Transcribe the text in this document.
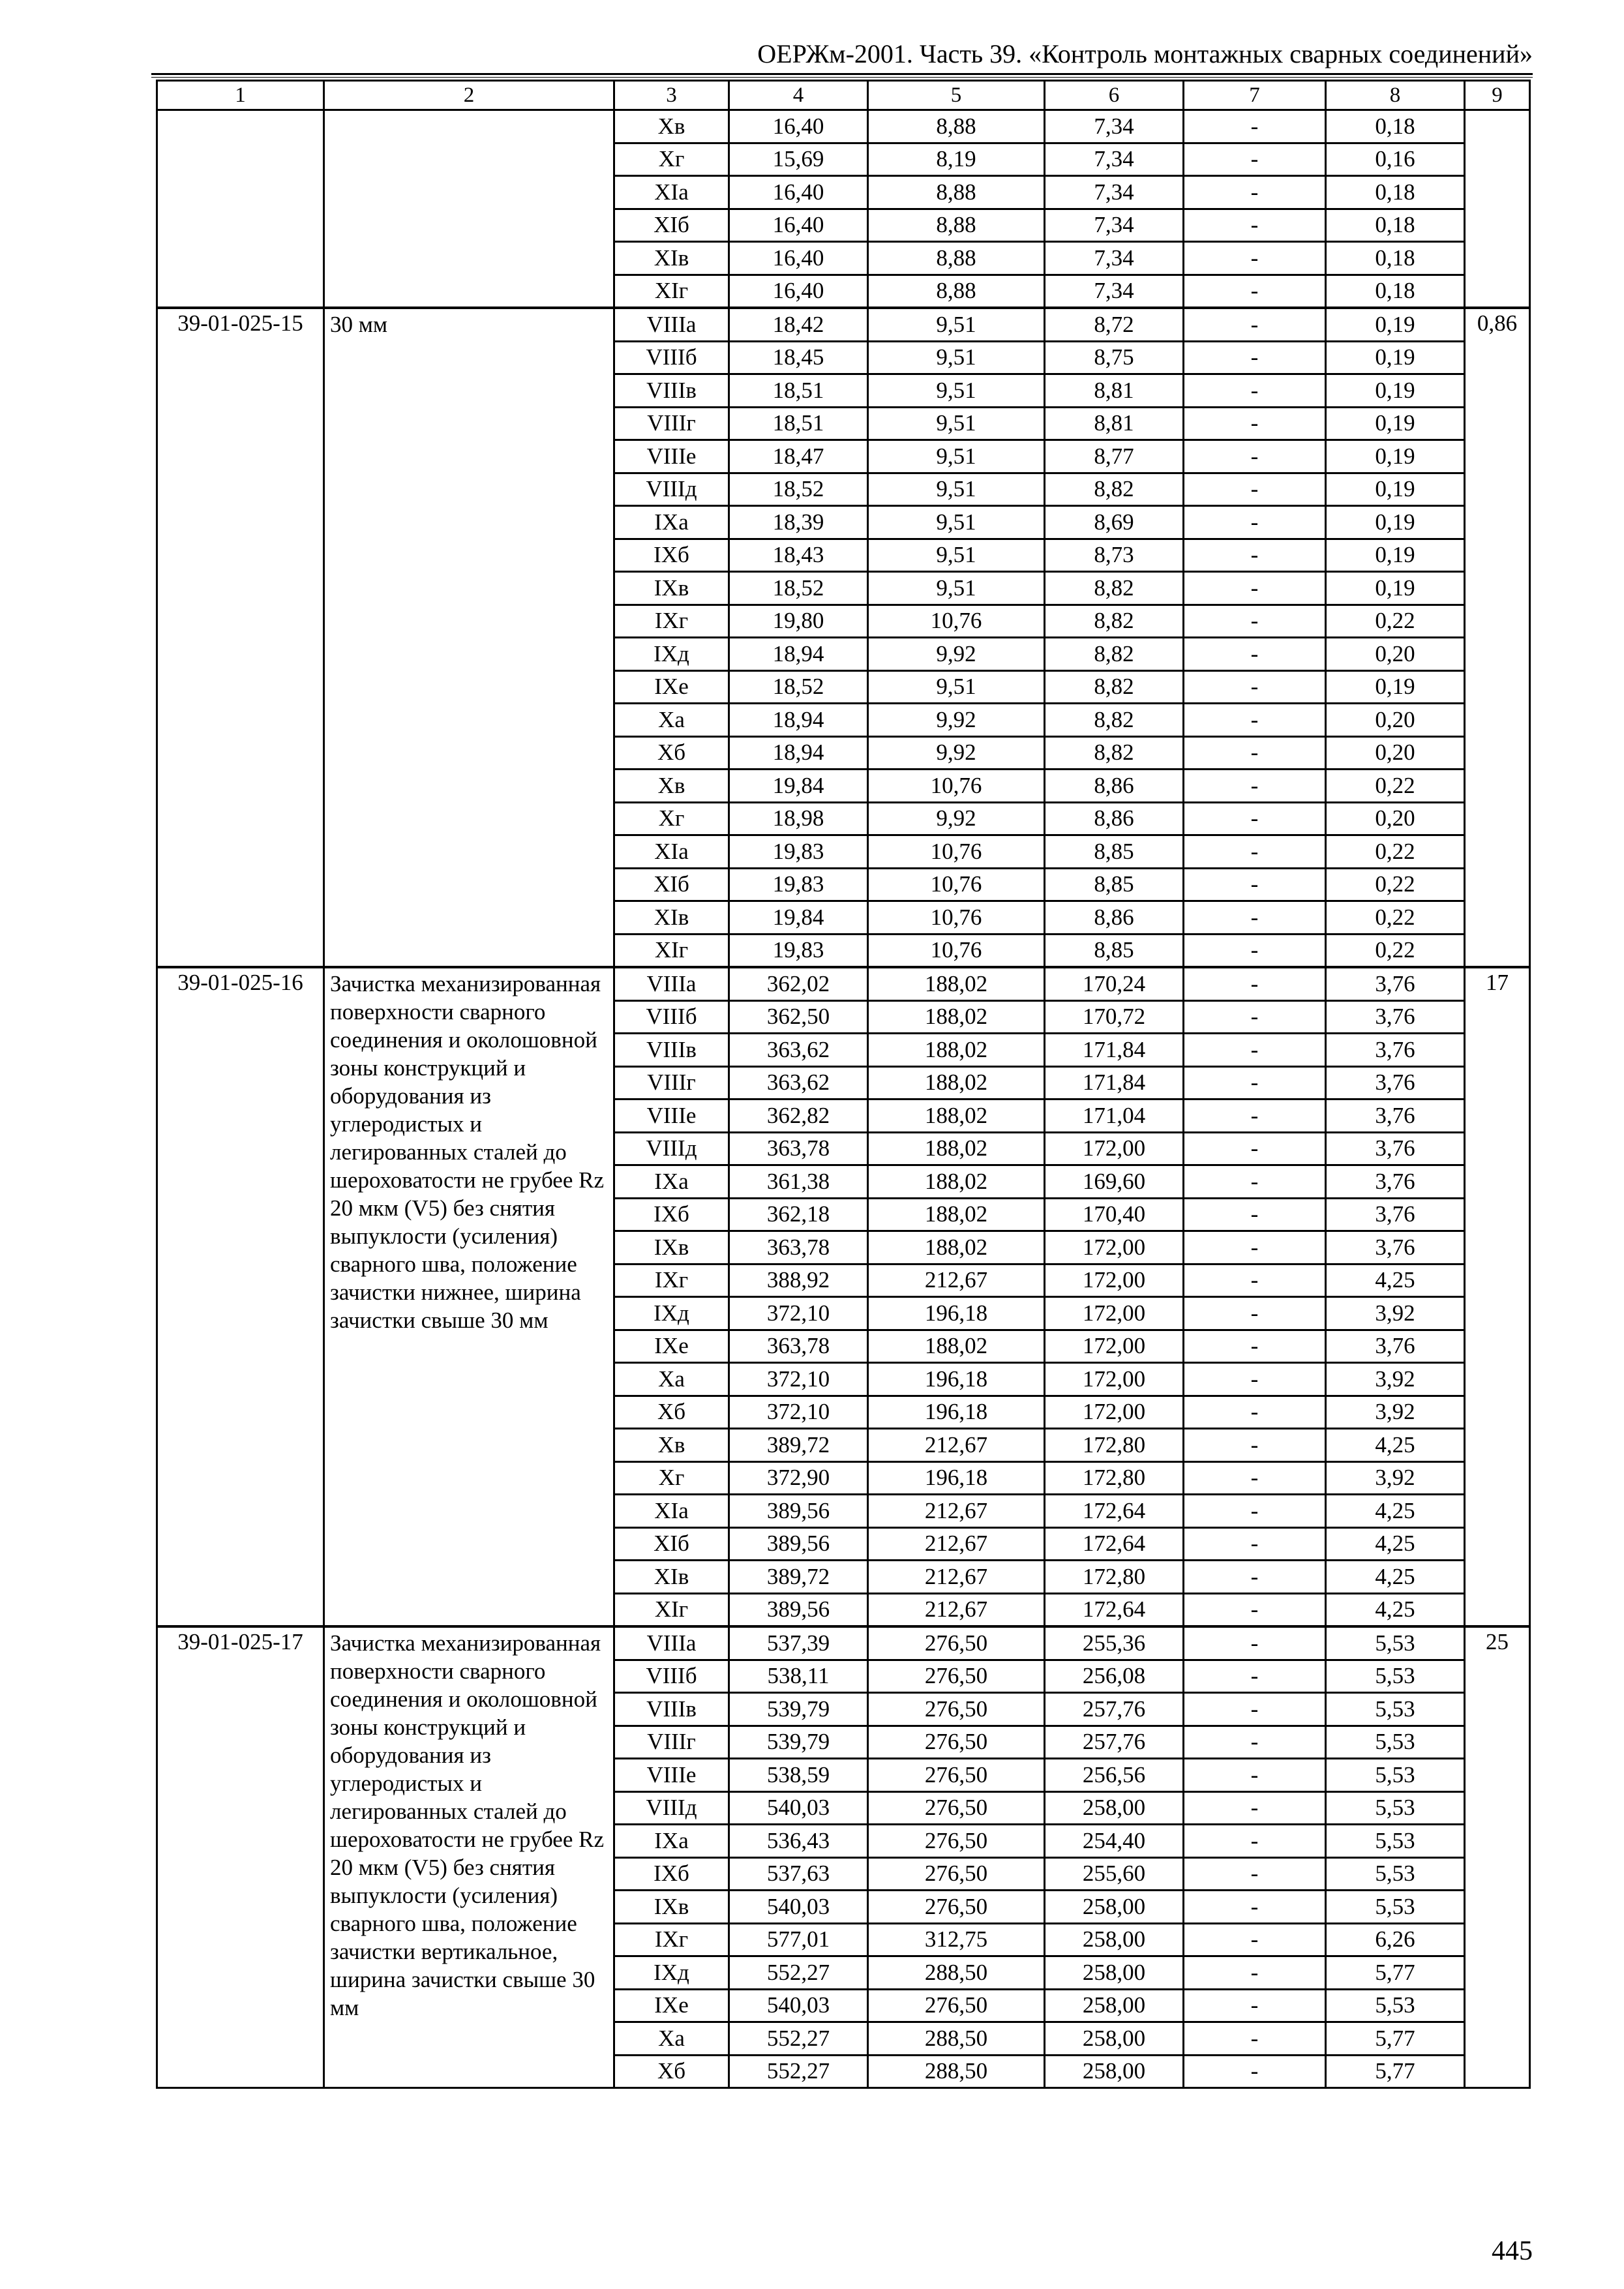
ОЕРЖм-2001. Часть 39. «Контроль монтажных сварных соединений»
1	2	3	4	5	6	7	8	9
		Хв	16,40	8,88	7,34	-	0,18	
		Хг	15,69	8,19	7,34	-	0,16	
		XIа	16,40	8,88	7,34	-	0,18	
		XIб	16,40	8,88	7,34	-	0,18	
		XIв	16,40	8,88	7,34	-	0,18	
		XIг	16,40	8,88	7,34	-	0,18	
39-01-025-15	30 мм	VIIIа	18,42	9,51	8,72	-	0,19	0,86
		VIIIб	18,45	9,51	8,75	-	0,19	
		VIIIв	18,51	9,51	8,81	-	0,19	
		VIIIг	18,51	9,51	8,81	-	0,19	
		VIIIе	18,47	9,51	8,77	-	0,19	
		VIIIд	18,52	9,51	8,82	-	0,19	
		IXа	18,39	9,51	8,69	-	0,19	
		IXб	18,43	9,51	8,73	-	0,19	
		IXв	18,52	9,51	8,82	-	0,19	
		IXг	19,80	10,76	8,82	-	0,22	
		IXд	18,94	9,92	8,82	-	0,20	
		IXе	18,52	9,51	8,82	-	0,19	
		Ха	18,94	9,92	8,82	-	0,20	
		Хб	18,94	9,92	8,82	-	0,20	
		Хв	19,84	10,76	8,86	-	0,22	
		Хг	18,98	9,92	8,86	-	0,20	
		XIа	19,83	10,76	8,85	-	0,22	
		XIб	19,83	10,76	8,85	-	0,22	
		XIв	19,84	10,76	8,86	-	0,22	
		XIг	19,83	10,76	8,85	-	0,22	
39-01-025-16	Зачистка механизированная поверхности сварного соединения и околошовной зоны конструкций и оборудования из углеродистых и легированных сталей до шероховатости не грубее Rz 20 мкм (V5) без снятия выпуклости (усиления) сварного шва, положение зачистки нижнее, ширина зачистки свыше 30 мм	VIIIа	362,02	188,02	170,24	-	3,76	17
		VIIIб	362,50	188,02	170,72	-	3,76	
		VIIIв	363,62	188,02	171,84	-	3,76	
		VIIIг	363,62	188,02	171,84	-	3,76	
		VIIIе	362,82	188,02	171,04	-	3,76	
		VIIIд	363,78	188,02	172,00	-	3,76	
		IXа	361,38	188,02	169,60	-	3,76	
		IXб	362,18	188,02	170,40	-	3,76	
		IXв	363,78	188,02	172,00	-	3,76	
		IXг	388,92	212,67	172,00	-	4,25	
		IXд	372,10	196,18	172,00	-	3,92	
		IXе	363,78	188,02	172,00	-	3,76	
		Ха	372,10	196,18	172,00	-	3,92	
		Хб	372,10	196,18	172,00	-	3,92	
		Хв	389,72	212,67	172,80	-	4,25	
		Хг	372,90	196,18	172,80	-	3,92	
		XIа	389,56	212,67	172,64	-	4,25	
		XIб	389,56	212,67	172,64	-	4,25	
		XIв	389,72	212,67	172,80	-	4,25	
		XIг	389,56	212,67	172,64	-	4,25	
39-01-025-17	Зачистка механизированная поверхности сварного соединения и околошовной зоны конструкций и оборудования из углеродистых и легированных сталей до шероховатости не грубее Rz 20 мкм (V5) без снятия выпуклости (усиления) сварного шва, положение зачистки вертикальное, ширина зачистки свыше 30 мм	VIIIа	537,39	276,50	255,36	-	5,53	25
		VIIIб	538,11	276,50	256,08	-	5,53	
		VIIIв	539,79	276,50	257,76	-	5,53	
		VIIIг	539,79	276,50	257,76	-	5,53	
		VIIIе	538,59	276,50	256,56	-	5,53	
		VIIIд	540,03	276,50	258,00	-	5,53	
		IXа	536,43	276,50	254,40	-	5,53	
		IXб	537,63	276,50	255,60	-	5,53	
		IXв	540,03	276,50	258,00	-	5,53	
		IXг	577,01	312,75	258,00	-	6,26	
		IXд	552,27	288,50	258,00	-	5,77	
		IXе	540,03	276,50	258,00	-	5,53	
		Ха	552,27	288,50	258,00	-	5,77	
		Хб	552,27	288,50	258,00	-	5,77	
445
